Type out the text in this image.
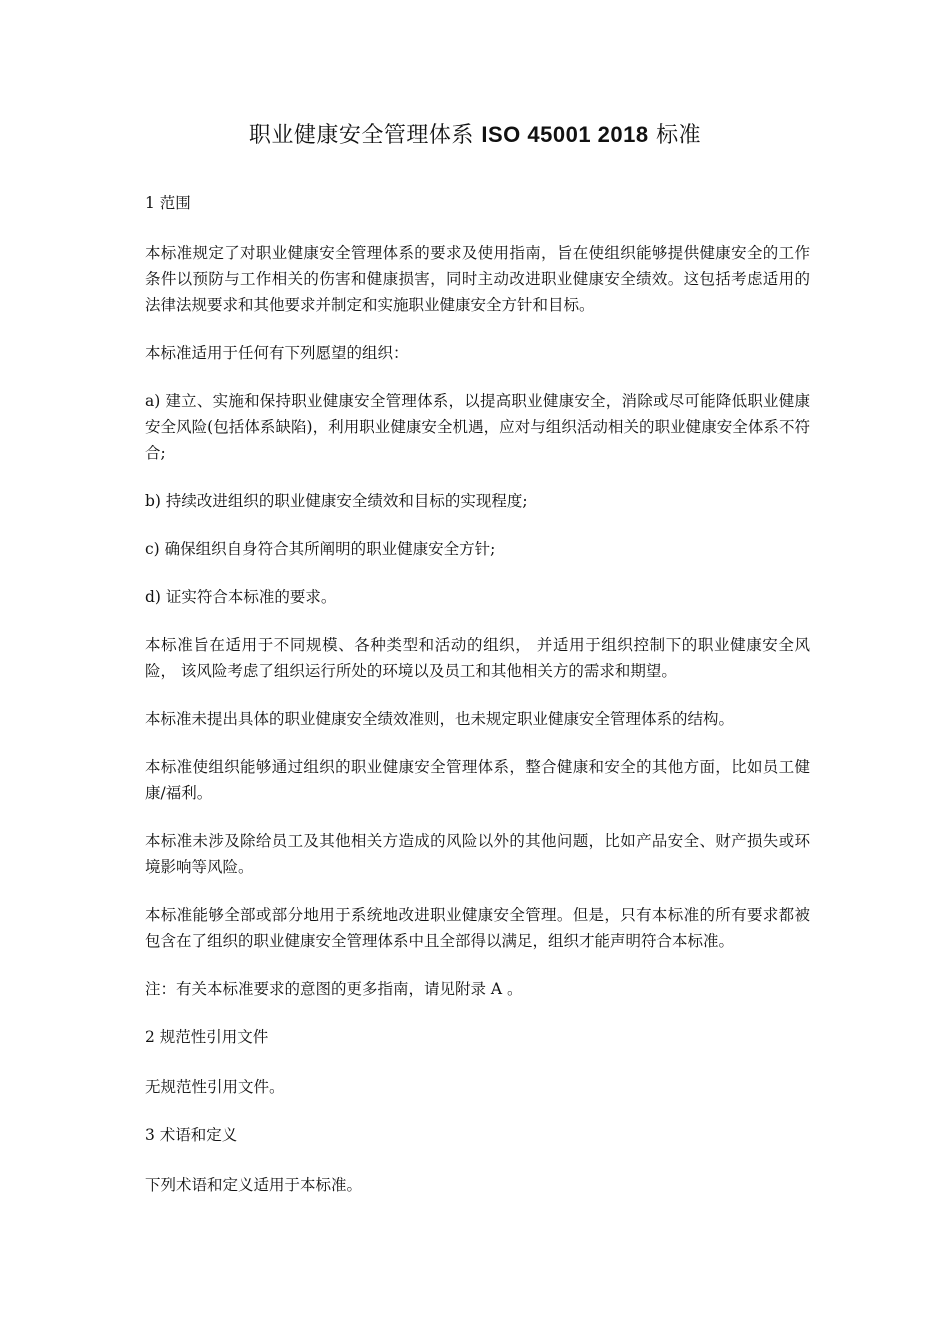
职业健康安全管理体系 ISO 45001 2018 标准

1 范围

本标准规定了对职业健康安全管理体系的要求及使用指南，旨在使组织能够提供健康安全的工作条件以预防与工作相关的伤害和健康损害，同时主动改进职业健康安全绩效。这包括考虑适用的法律法规要求和其他要求并制定和实施职业健康安全方针和目标。

本标准适用于任何有下列愿望的组织：

a) 建立、实施和保持职业健康安全管理体系，以提高职业健康安全，消除或尽可能降低职业健康安全风险(包括体系缺陷)，利用职业健康安全机遇，应对与组织活动相关的职业健康安全体系不符合;

b) 持续改进组织的职业健康安全绩效和目标的实现程度;

c) 确保组织自身符合其所阐明的职业健康安全方针;

d) 证实符合本标准的要求。

本标准旨在适用于不同规模、各种类型和活动的组织， 并适用于组织控制下的职业健康安全风险， 该风险考虑了组织运行所处的环境以及员工和其他相关方的需求和期望。

本标准未提出具体的职业健康安全绩效准则，也未规定职业健康安全管理体系的结构。

本标准使组织能够通过组织的职业健康安全管理体系，整合健康和安全的其他方面，比如员工健康/福利。

本标准未涉及除给员工及其他相关方造成的风险以外的其他问题，比如产品安全、财产损失或环境影响等风险。

本标准能够全部或部分地用于系统地改进职业健康安全管理。但是，只有本标准的所有要求都被包含在了组织的职业健康安全管理体系中且全部得以满足，组织才能声明符合本标准。

注：有关本标准要求的意图的更多指南，请见附录 A 。

2 规范性引用文件

无规范性引用文件。

3 术语和定义

下列术语和定义适用于本标准。
